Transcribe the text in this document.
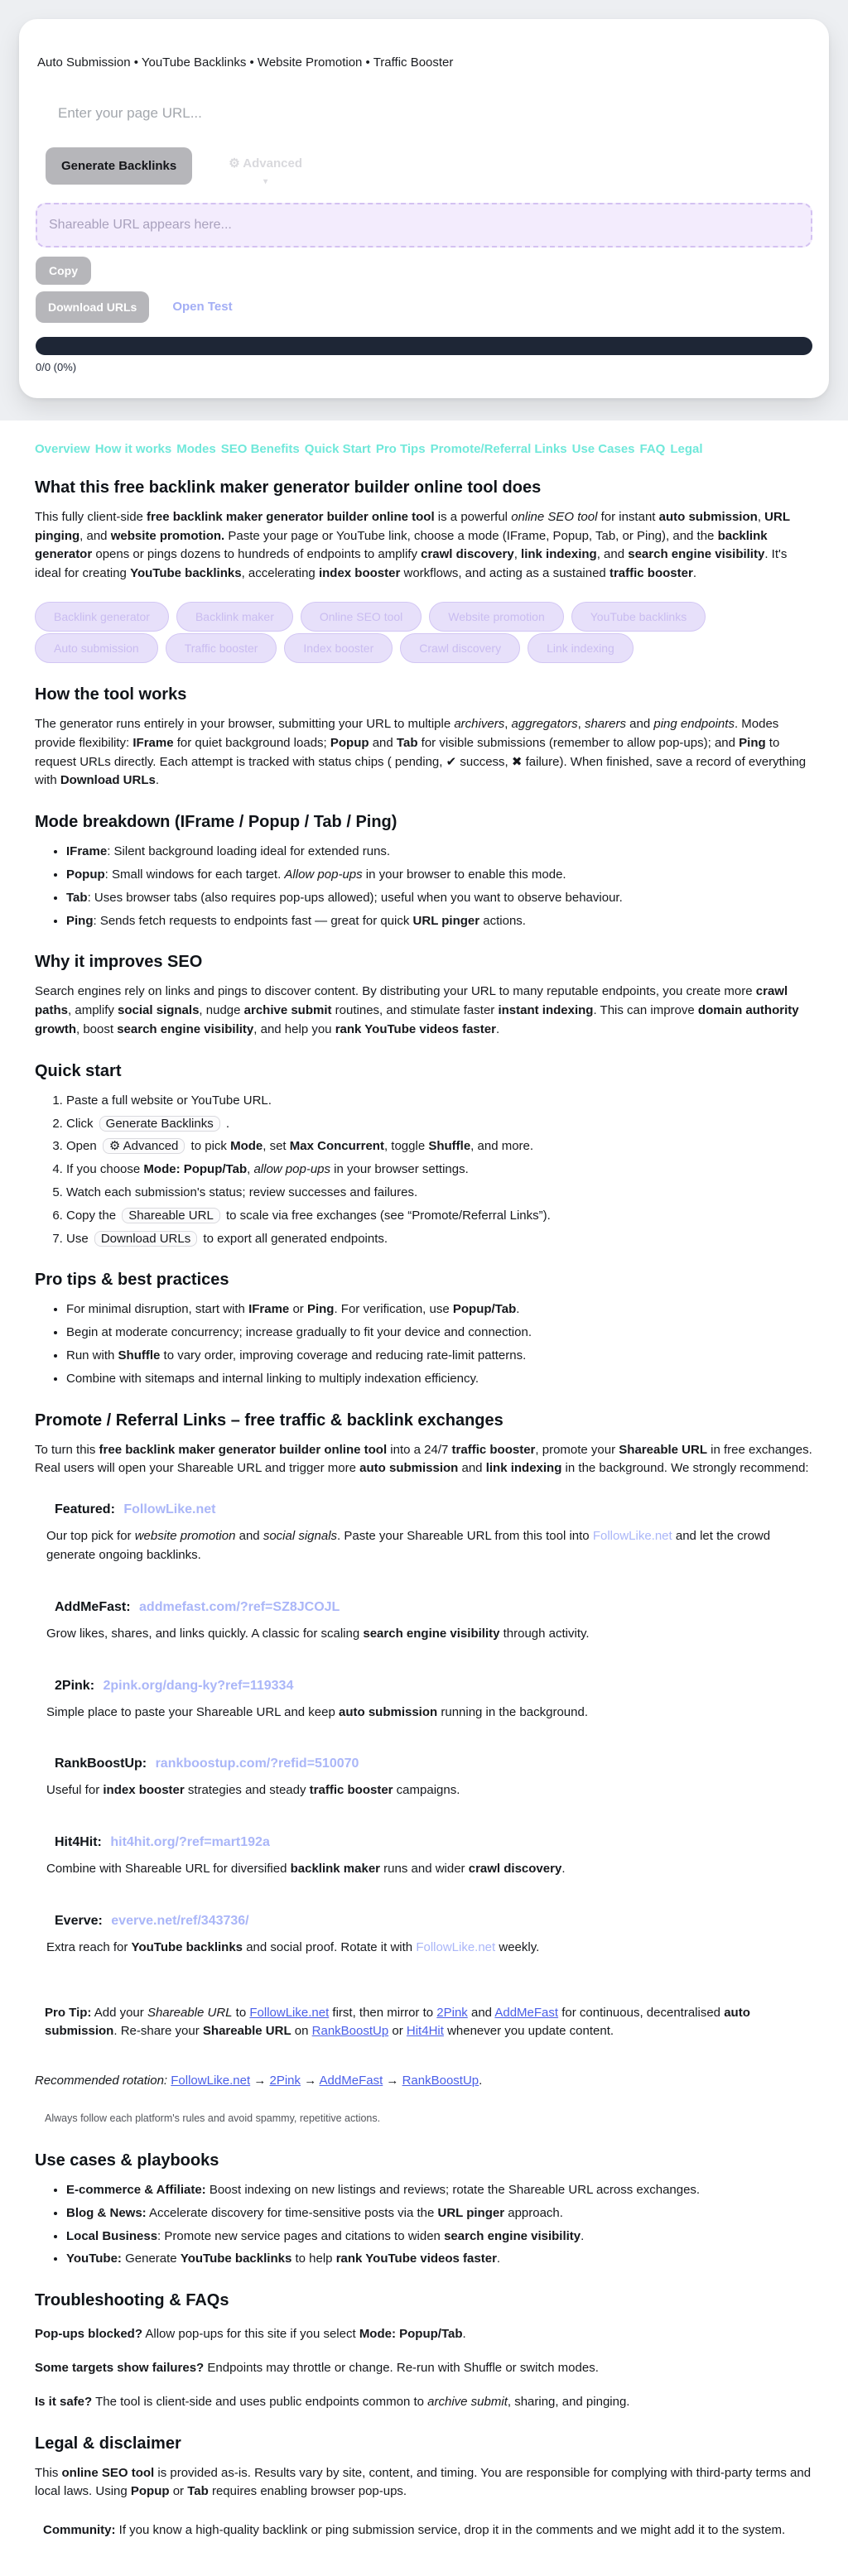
Auto Submission • YouTube Backlinks • Website Promotion • Traffic Booster

Enter your page URL...
Generate Backlinks	⚙ Advanced
▾
Shareable URL appears here...
Copy
Download URLs	Open Test
0/0 (0%)
Overview How it works Modes SEO Benefits Quick Start Pro Tips Promote/Referral Links Use Cases FAQ Legal
What this free backlink maker generator builder online tool does

This fully client-side free backlink maker generator builder online tool is a powerful online SEO tool for instant auto submission, URL pinging, and website promotion. Paste your page or YouTube link, choose a mode (IFrame, Popup, Tab, or Ping), and the backlink generator opens or pings dozens to hundreds of endpoints to amplify crawl discovery, link indexing, and search engine visibility. It's ideal for creating YouTube backlinks, accelerating index booster workflows, and acting as a sustained traffic booster.

Backlink generator	Backlink maker	Online SEO tool	Website promotion	YouTube backlinks
Auto submission	Traffic booster	Index booster	Crawl discovery	Link indexing
How the tool works

The generator runs entirely in your browser, submitting your URL to multiple archivers, aggregators, sharers and ping endpoints. Modes provide flexibility: IFrame for quiet background loads; Popup and Tab for visible submissions (remember to allow pop-ups); and Ping to request URLs directly. Each attempt is tracked with status chips ( pending, ✔ success, ✖ failure). When finished, save a record of everything with Download URLs.

Mode breakdown (IFrame / Popup / Tab / Ping)
• IFrame: Silent background loading ideal for extended runs.
• Popup: Small windows for each target. Allow pop-ups in your browser to enable this mode.
• Tab: Uses browser tabs (also requires pop-ups allowed); useful when you want to observe behaviour.
• Ping: Sends fetch requests to endpoints fast — great for quick URL pinger actions.
Why it improves SEO

Search engines rely on links and pings to discover content. By distributing your URL to many reputable endpoints, you create more crawl paths, amplify social signals, nudge archive submit routines, and stimulate faster instant indexing. This can improve domain authority growth, boost search engine visibility, and help you rank YouTube videos faster.

Quick start
1. Paste a full website or YouTube URL.
2. Click Generate Backlinks .
3. Open ⚙ Advanced to pick Mode, set Max Concurrent, toggle Shuffle, and more.
4. If you choose Mode: Popup/Tab, allow pop-ups in your browser settings.
5. Watch each submission's status; review successes and failures.
6. Copy the Shareable URL to scale via free exchanges (see “Promote/Referral Links”).
7. Use Download URLs to export all generated endpoints.
Pro tips & best practices
• For minimal disruption, start with IFrame or Ping. For verification, use Popup/Tab.
• Begin at moderate concurrency; increase gradually to fit your device and connection.
• Run with Shuffle to vary order, improving coverage and reducing rate-limit patterns.
• Combine with sitemaps and internal linking to multiply indexation efficiency.
Promote / Referral Links – free traffic & backlink exchanges

To turn this free backlink maker generator builder online tool into a 24/7 traffic booster, promote your Shareable URL in free exchanges. Real users will open your Shareable URL and trigger more auto submission and link indexing in the background. We strongly recommend:

Featured: FollowLike.net

Our top pick for website promotion and social signals. Paste your Shareable URL from this tool into FollowLike.net and let the crowd generate ongoing backlinks.

AddMeFast: addmefast.com/?ref=SZ8JCOJL

Grow likes, shares, and links quickly. A classic for scaling search engine visibility through activity.

2Pink: 2pink.org/dang-ky?ref=119334

Simple place to paste your Shareable URL and keep auto submission running in the background.

RankBoostUp: rankboostup.com/?refid=510070

Useful for index booster strategies and steady traffic booster campaigns.

Hit4Hit: hit4hit.org/?ref=mart192a

Combine with Shareable URL for diversified backlink maker runs and wider crawl discovery.

Everve: everve.net/ref/343736/

Extra reach for YouTube backlinks and social proof. Rotate it with FollowLike.net weekly.

Pro Tip: Add your Shareable URL to FollowLike.net first, then mirror to 2Pink and AddMeFast for continuous, decentralised auto submission. Re-share your Shareable URL on RankBoostUp or Hit4Hit whenever you update content.

Recommended rotation: FollowLike.net → 2Pink → AddMeFast → RankBoostUp.

Always follow each platform's rules and avoid spammy, repetitive actions.

Use cases & playbooks
• E-commerce & Affiliate: Boost indexing on new listings and reviews; rotate the Shareable URL across exchanges.
• Blog & News: Accelerate discovery for time-sensitive posts via the URL pinger approach.
• Local Business: Promote new service pages and citations to widen search engine visibility.
• YouTube: Generate YouTube backlinks to help rank YouTube videos faster.
Troubleshooting & FAQs

Pop-ups blocked? Allow pop-ups for this site if you select Mode: Popup/Tab.

Some targets show failures? Endpoints may throttle or change. Re-run with Shuffle or switch modes.

Is it safe? The tool is client-side and uses public endpoints common to archive submit, sharing, and pinging.

Legal & disclaimer

This online SEO tool is provided as-is. Results vary by site, content, and timing. You are responsible for complying with third-party terms and local laws. Using Popup or Tab requires enabling browser pop-ups.

Community: If you know a high-quality backlink or ping submission service, drop it in the comments and we might add it to the system.
